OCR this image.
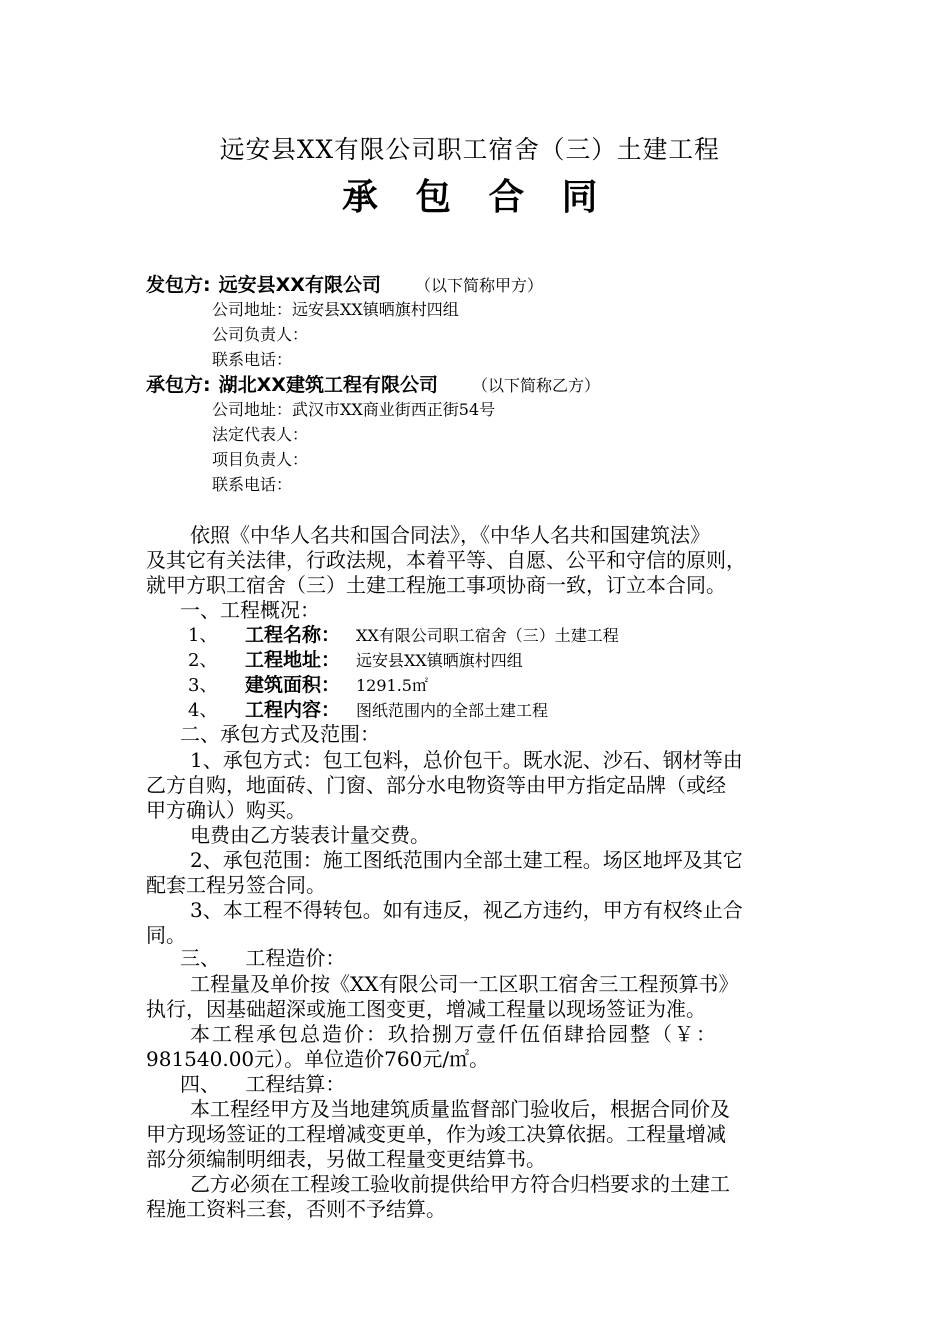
远安县XX有限公司职工宿舍（三）土建工程
承包合同
发包方: 远安县XX有限公司 （以下简称甲方）
公司地址：远安县XX镇晒旗村四组
公司负责人：
联系电话：
承包方: 湖北XX建筑工程有限公司 （以下简称乙方）
公司地址：武汉市XX商业街西正街54号
法定代表人：
项目负责人：
联系电话：
依照《中华人名共和国合同法》，《中华人名共和国建筑法》
及其它有关法律，行政法规，本着平等、自愿、公平和守信的原则，
就甲方职工宿舍（三）土建工程施工事项协商一致，订立本合同。
一、工程概况：
1、 工程名称： XX有限公司职工宿舍（三）土建工程
2、 工程地址： 远安县XX镇晒旗村四组
3、 建筑面积： 1291.5㎡
4、 工程内容： 图纸范围内的全部土建工程
二、承包方式及范围：
1、承包方式：包工包料，总价包干。既水泥、沙石、钢材等由
乙方自购，地面砖、门窗、部分水电物资等由甲方指定品牌（或经
甲方确认）购买。
电费由乙方装表计量交费。
2、承包范围：施工图纸范围内全部土建工程。场区地坪及其它
配套工程另签合同。
3、本工程不得转包。如有违反，视乙方违约，甲方有权终止合
同。
三、    工程造价：
工程量及单价按《XX有限公司一工区职工宿舍三工程预算书》
执行，因基础超深或施工图变更，增减工程量以现场签证为准。
本工程承包总造价：玖拾捌万壹仟伍佰肆拾园整（￥：
981540.00元）。单位造价760元/㎡。
四、    工程结算：
本工程经甲方及当地建筑质量监督部门验收后，根据合同价及
甲方现场签证的工程增减变更单，作为竣工决算依据。工程量增减
部分须编制明细表，另做工程量变更结算书。
乙方必须在工程竣工验收前提供给甲方符合归档要求的土建工
程施工资料三套，否则不予结算。
